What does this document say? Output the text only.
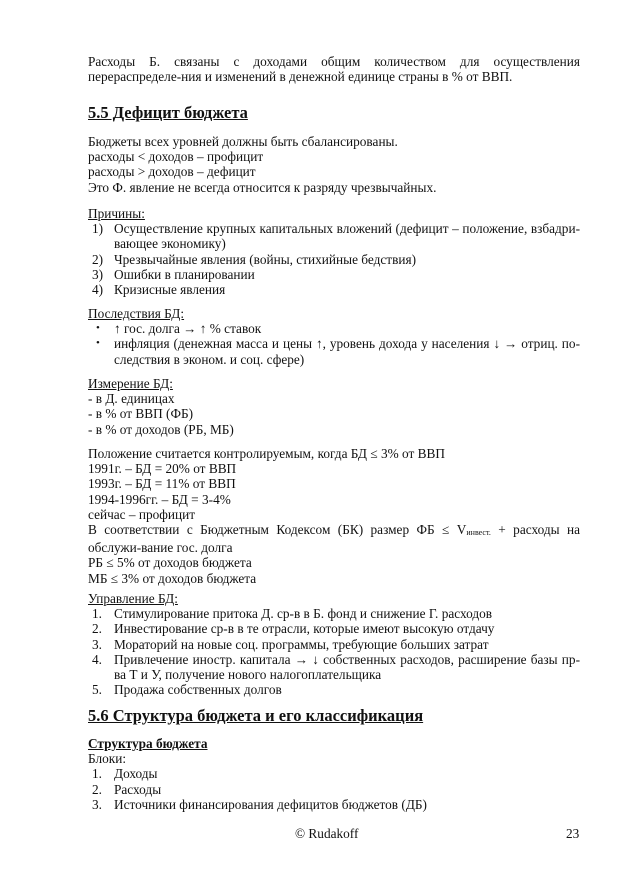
Расходы Б. связаны с доходами общим количеством для осуществления перераспределе-ния и изменений в денежной единице страны в % от ВВП.

5.5 Дефицит бюджета

Бюджеты всех уровней должны быть сбалансированы.

расходы < доходов – профицит

расходы > доходов – дефицит

Это Ф. явление не всегда относится к разряду чрезвычайных.

Причины:

1) Осуществление крупных капитальных вложений (дефицит – положение, взбадри-вающее экономику)
2) Чрезвычайные явления (войны, стихийные бедствия)
3) Ошибки в планировании
4) Кризисные явления

Последствия БД:

• ↑ гос. долга → ↑ % ставок
• инфляция (денежная масса и цены ↑, уровень дохода у населения ↓ → отриц. по-следствия в эконом. и соц. сфере)

Измерение БД:

- в Д. единицах

- в % от ВВП (ФБ)

- в % от доходов (РБ, МБ)

Положение считается контролируемым, когда БД ≤ 3% от ВВП

1991г. – БД = 20% от ВВП

1993г. – БД = 11% от ВВП

1994-1996гг. – БД = 3-4%

сейчас – профицит

В соответствии с Бюджетным Кодексом (БК) размер ФБ ≤ $V_{инвест.}$ + расходы на обслужи-вание гос. долга

РБ ≤ 5% от доходов бюджета

МБ ≤ 3% от доходов бюджета

Управление БД:

1. Стимулирование притока Д. ср-в в Б. фонд и снижение Г. расходов
2. Инвестирование ср-в в те отрасли, которые имеют высокую отдачу
3. Мораторий на новые соц. программы, требующие больших затрат
4. Привлечение иностр. капитала → ↓ собственных расходов, расширение базы пр-ва Т и У, получение нового налогоплательщика
5. Продажа собственных долгов
5.6 Структура бюджета и его классификация

Структура бюджета

Блоки:

1. Доходы
2. Расходы
3. Источники финансирования дефицитов бюджетов (ДБ)
© Rudakoff	23
